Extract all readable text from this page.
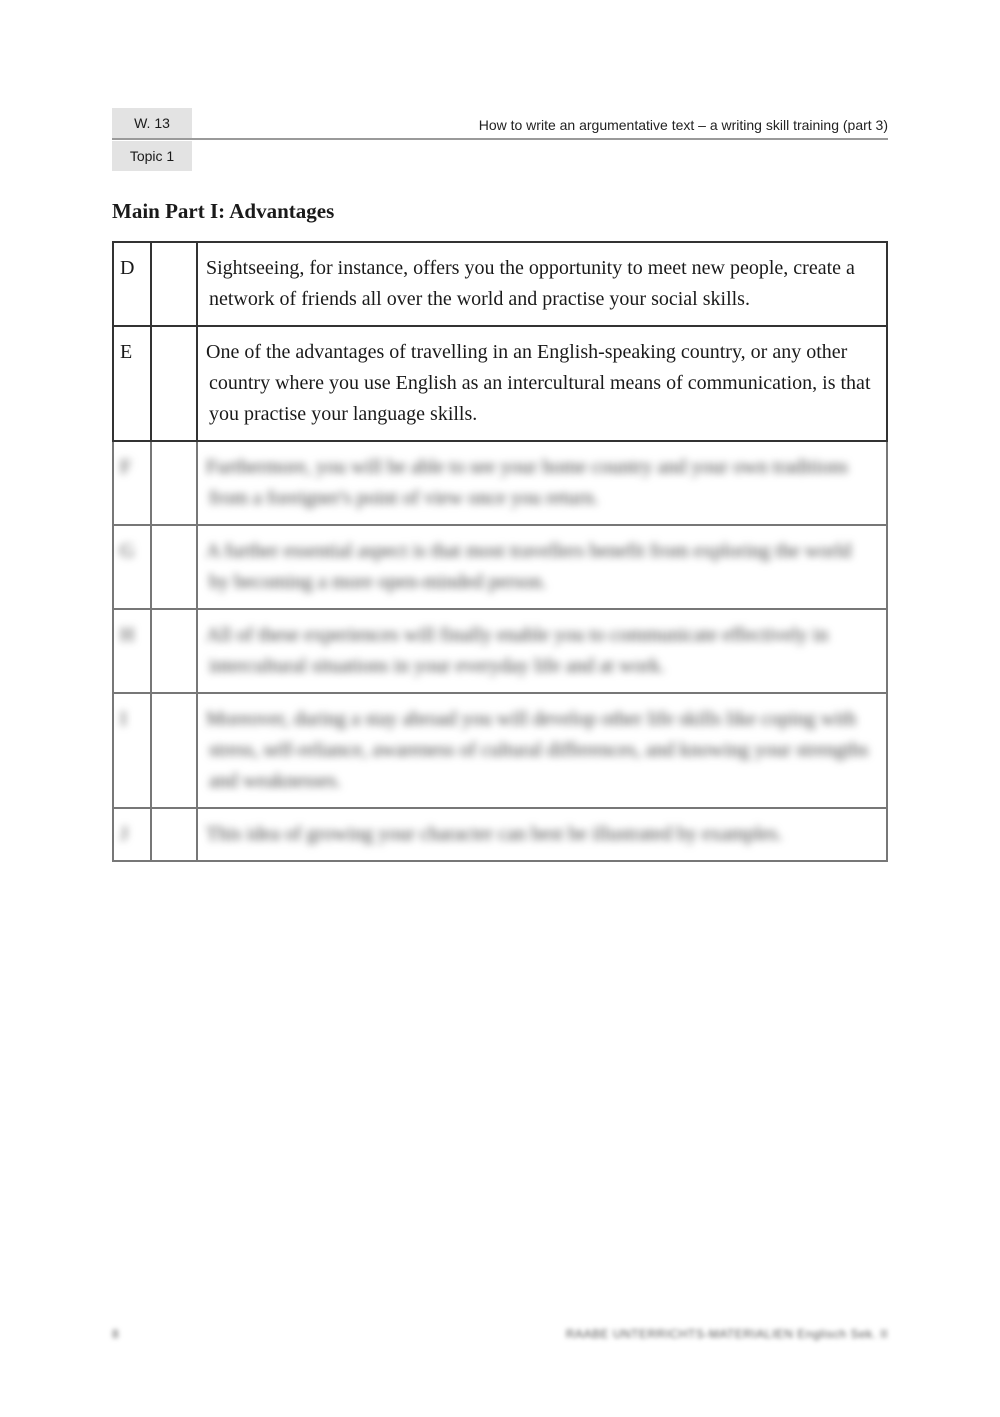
W. 13
Topic 1
How to write an argumentative text – a writing skill training (part 3)
Main Part I: Advantages
D		Sightseeing, for instance, offers you the opportunity to meet new people, create a network of friends all over the world and practise your social skills.

E		One of the advantages of travelling in an English-speaking country, or any other country where you use English as an intercultural means of communication, is that you practise your language skills.

F		Furthermore, you will be able to see your home country and your own traditions from a foreigner's point of view once you return.

G		A further essential aspect is that most travellers benefit from exploring the world by becoming a more open-minded person.

H		All of these experiences will finally enable you to communicate effectively in intercultural situations in your everyday life and at work.

I		Moreover, during a stay abroad you will develop other life skills like coping with stress, self-reliance, awareness of cultural differences, and knowing your strengths and weaknesses.

J		This idea of growing your character can best be illustrated by examples.
8	RAABE UNTERRICHTS-MATERIALIEN Englisch Sek. II
